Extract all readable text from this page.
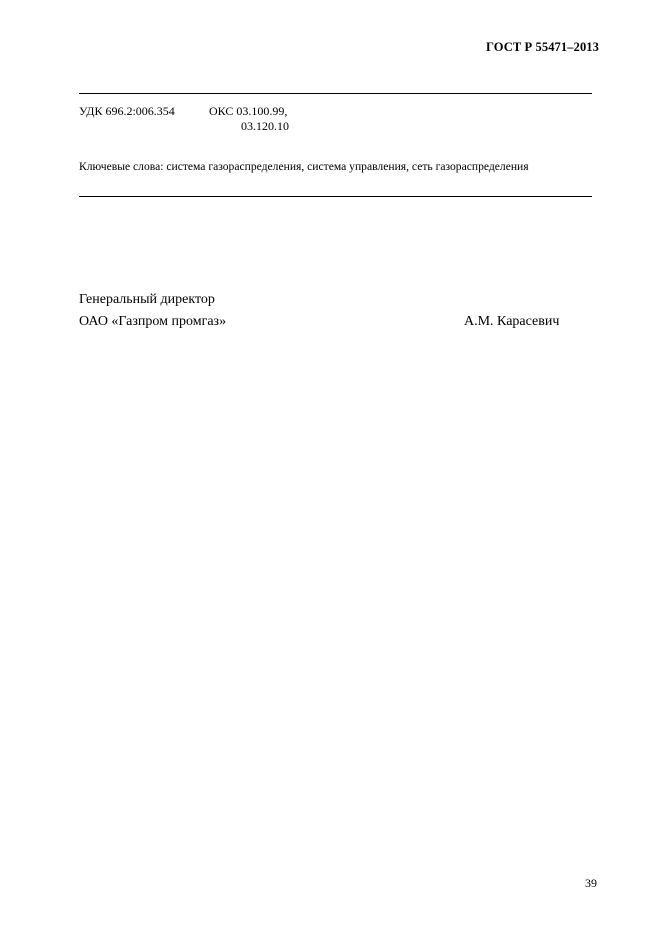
ГОСТ Р 55471–2013
УДК 696.2:006.354	ОКС 03.100.99,
03.120.10
Ключевые слова: система газораспределения, система управления, сеть газораспределения
Генеральный директор
ОАО «Газпром промгаз»	А.М. Карасевич
39
